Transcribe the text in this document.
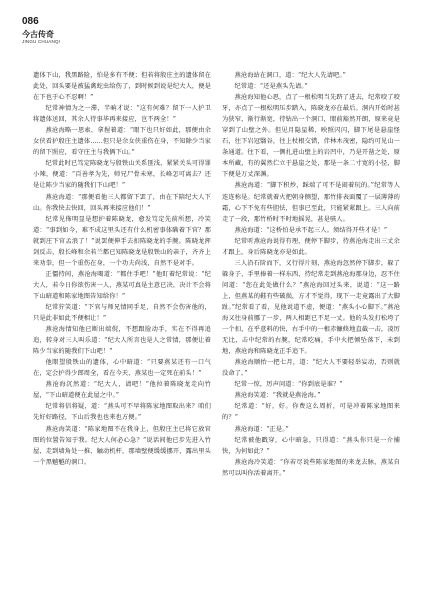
086
今古传奇
JINGU CHUANQI

遗体下山，我黑路险，怕是多有不便；但若将殷庄主的遗体留在此处，回头要是被猛禽蛇虫给伤了，到时候到说是纪大人，便是在下也于心不忍啊！”

纪常神情为之一滞，半晌才说：“这有何难？留下一人护卫将遗体送回，其余人待事毕再来接应，岂不两全！”

燕沧海略一思索，拿捏着道：“眼下也只好如此，那便由余女侠看护殷庄主遗体……但只是余女侠重伤在身，不知除少当家的留下照应，看守庄主与我俩下山。”

纪常此时已笃定陈晓龙与殷铁山关系匪浅，紧紧关头可得罪小辣，便道：“百善孝为先，师兄尸骨未寒，长峰怎可离去？还是让陈少当家的随我们下山吧！”

燕沧海道：“那便看他三人都留下罢了，由在下陪纪大人下山。你我快去快回，回头再来接应他们！”

纪常见佈明显是想护着陈晓龙，愈发笃定先前所想，冷笑道：“事到如今，难不成这里头还有什么机密事体瞒着下官？那就到庄下官孟浪了！”说罢便伸手去扣陈晓龙的手腕。陈晓龙挥剑反击，殷长峰和余若兰都已知陈晓龙是殷铁山的亲子，齐齐上来劝拳，但一个重伤在身，一个功夫尚浅，自然不是对手。

正僵持间，燕沧海喝道：“都住手吧！”他盯着纪常说：“纪大人，若今日你欲伤害一人，燕某可真是主意已决，决计不会将下山暗道和陈家地图告知给你！”

纪常狞笑道：“下官与师兄情同手足，自然不会伤害他的，只是此非如此不便相让！”

燕沧海情知他已断出端倪，不想跟脸动手，实在不得再追追，转身对三人叫乐道：“纪大人所言也是人之常情，那便让着陈少当家的随我们下山吧！”

他眼望殷铁山的遗体，心中暗道：“只要燕某还有一口气在，定会护得少郎周全，看在今天，燕某也一定死在前头！”

燕沧海沉然道：“纪大人，请吧！”他拉着陈晓龙走向竹屋，“下山暗道便在此屋之中。”

纪常将信将疑，道：“燕头可不早将陈家地图取出来？咱们先好好路径，下山后我也也来也方便。”

燕沧海笑道：“陈家地图不在我身上，但殷庄主已将它放官图的位置告知于我。纪大人何必心急？”说话间他已步先进入竹屋，走到墙角处一推，触动机杆，那墙壁便缓缓挪开，露出里头一个黑魆魆的洞口。

燕沧海站在洞口，道：“纪大人先请吧。”

纪常道：“还是燕头先请。”

燕沧海知他心思，点了一根松明当先跻了进去，纪常咬了咬牙，亦点了一根松明压步踏入，陈晓龙亦在最后。洞内开始时甚为狭窄，渐行渐宽，待钻出一个洞口，眼前豁然开朗，原来竟是穿到了山壁之外。但见月隐星稀，映照闪闪，脚下尾是悬崖怪石，往下岩冠翳谷，往上杖根交错，伴林木茂密，隐约可见山一条通道。往下看，一侧扎进山壁上的岩凹中，乃是开凿之处，原本所藏，有的翼然伫立于悬崖之处，那是一条二寸宽的小径，脚下便是万丈深渊。

燕沧海道：“脚下积炒，踩端了可不是闹着玩的。”纪常等人连连称是。纪常就着火把朝身侧望，那竹排表面覆了一层薄薄的霜，心下不免有些胆怯，但事已至此，只能紧紧跟上。三人向前走了一段，那竹桥时不时地摇晃，甚是骇人。

燕沧海道：“这桥怕是承不起三人。须结得开些才是！”

纪常听燕沧海说得有理，便停下脚步，待燕沧海走出三丈余才跟上，身后陈晓龙亦是如此。

三人沿石阶而下，又行得片刻，燕沧海忽然停下脚步，躲了躲身子，手里捧着一样东西，待纪常走到燕沧海那身边，忍不住问道：“您在此处做什么？”燕沧海回过头来，说道：“这一路上，但燕某的鞋有些破损，方才不觉得，现下一走竟露出了大脚趾。”纪常看了看，见他说道不虚，便道：“燕头小心脚下。”燕沧海又往身前挪了一步，两人相距已不足一丈。他的头发打松垮了一个扣，在乎意料的快，右手中的一根赤镰倏地直截一击，凌厉无比，击中纪常的右腕，纪常吃痛，手中火把倾坠落下，未到地，燕沧海和陈晓龙正手追下。

燕沧海顺抬一把七月，道：“纪大人不要轻举妄动，否则就没命了。”

纪常一惊，厉声问道：“你到底是谁？”

燕沧海笑道：“我就是燕沧海。”

纪常道：“好，好。你费这么周折，可是冲着陈家地图来的？”

燕沧海道：“正是。”

纪常被他戳穿，心中暗急，只得道：“燕头你只是一介捕快，为何如此？”

燕沧海冷笑道：“你若尽说些陈家地图的来龙去脉，燕某自然可以叫你活着离开。”
